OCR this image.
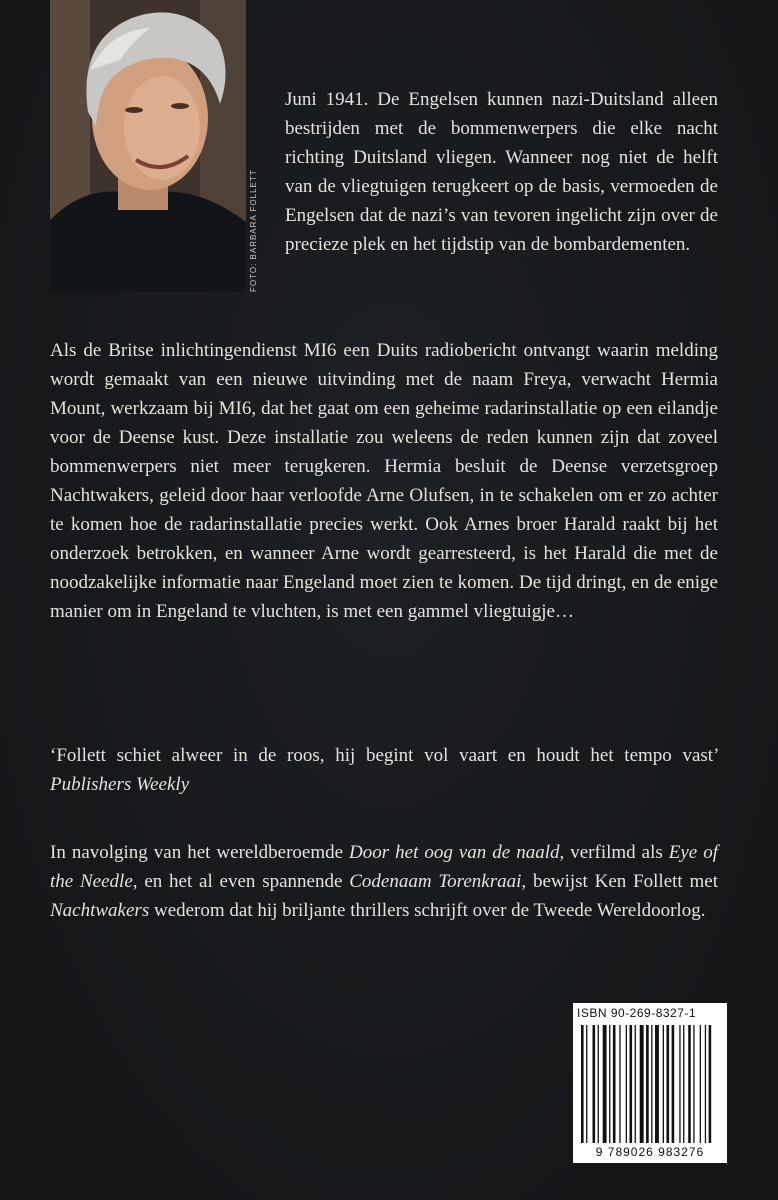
FOTO: BARBARA FOLLETT

Juni 1941. De Engelsen kunnen nazi-Duitsland alleen bestrijden met de bommenwerpers die elke nacht richting Duitsland vliegen. Wanneer nog niet de helft van de vliegtuigen terugkeert op de basis, vermoeden de Engelsen dat de nazi’s van tevoren ingelicht zijn over de precieze plek en het tijdstip van de bombardementen.

Als de Britse inlichtingendienst MI6 een Duits radiobericht ontvangt waarin melding wordt gemaakt van een nieuwe uitvinding met de naam Freya, verwacht Hermia Mount, werkzaam bij MI6, dat het gaat om een geheime radarinstallatie op een eilandje voor de Deense kust. Deze installatie zou weleens de reden kunnen zijn dat zoveel bommenwerpers niet meer terugkeren. Hermia besluit de Deense verzetsgroep Nachtwakers, geleid door haar verloofde Arne Olufsen, in te schakelen om er zo achter te komen hoe de radarinstallatie precies werkt. Ook Arnes broer Harald raakt bij het onderzoek betrokken, en wanneer Arne wordt gearresteerd, is het Harald die met de noodzakelijke informatie naar Engeland moet zien te komen. De tijd dringt, en de enige manier om in Engeland te vluchten, is met een gammel vliegtuigje…

‘Follett schiet alweer in de roos, hij begint vol vaart en houdt het tempo vast’ Publishers Weekly

In navolging van het wereldberoemde Door het oog van de naald, verfilmd als Eye of the Needle, en het al even spannende Codenaam Torenkraai, bewijst Ken Follett met Nachtwakers wederom dat hij briljante thrillers schrijft over de Tweede Wereldoorlog.

ISBN 90-269-8327-1
9 789026 983276
